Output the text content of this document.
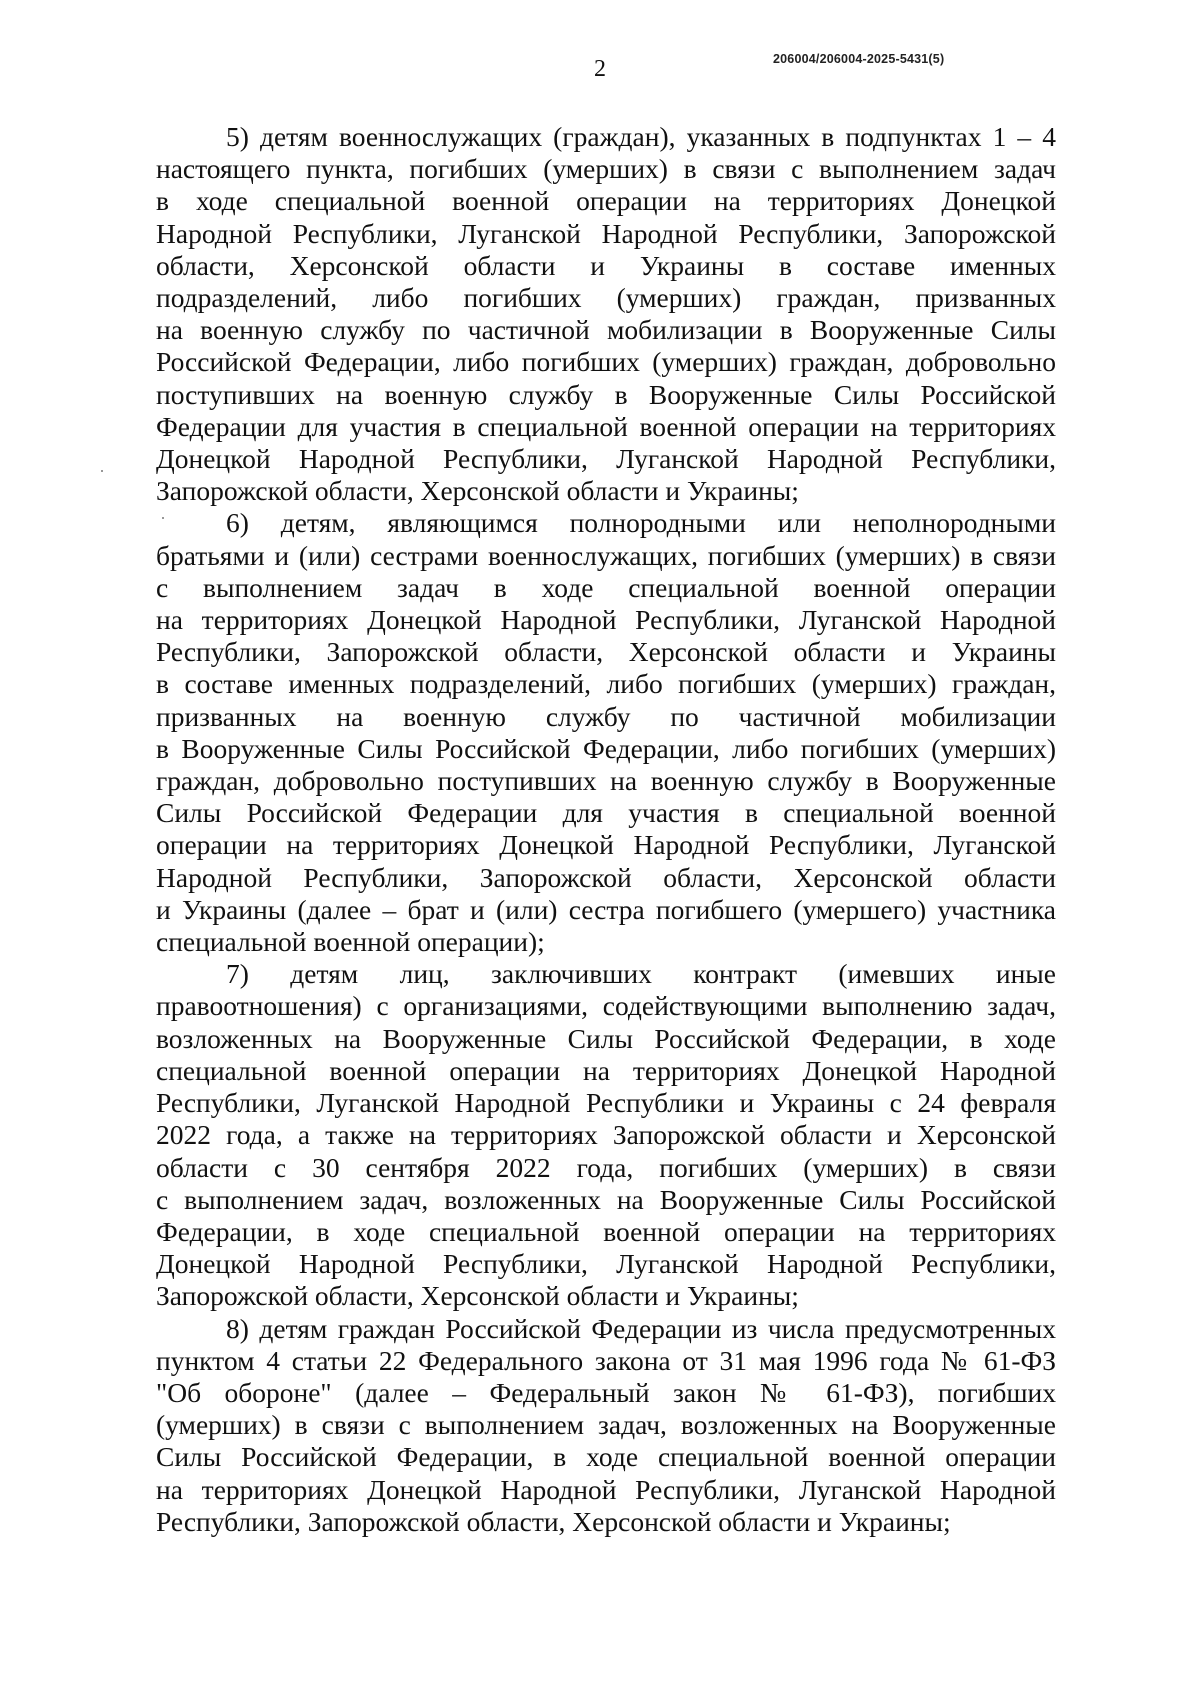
2	206004/206004-2025-5431(5)
5) детям военнослужащих (граждан), указанных в подпунктах 1 – 4
настоящего пункта, погибших (умерших) в связи с выполнением задач
в ходе специальной военной операции на территориях Донецкой
Народной Республики, Луганской Народной Республики, Запорожской
области, Херсонской области и Украины в составе именных
подразделений, либо погибших (умерших) граждан, призванных
на военную службу по частичной мобилизации в Вооруженные Силы
Российской Федерации, либо погибших (умерших) граждан, добровольно
поступивших на военную службу в Вооруженные Силы Российской
Федерации для участия в специальной военной операции на территориях
Донецкой Народной Республики, Луганской Народной Республики,
Запорожской области, Херсонской области и Украины;
6) детям, являющимся полнородными или неполнородными
братьями и (или) сестрами военнослужащих, погибших (умерших) в связи
с выполнением задач в ходе специальной военной операции
на территориях Донецкой Народной Республики, Луганской Народной
Республики, Запорожской области, Херсонской области и Украины
в составе именных подразделений, либо погибших (умерших) граждан,
призванных на военную службу по частичной мобилизации
в Вооруженные Силы Российской Федерации, либо погибших (умерших)
граждан, добровольно поступивших на военную службу в Вооруженные
Силы Российской Федерации для участия в специальной военной
операции на территориях Донецкой Народной Республики, Луганской
Народной Республики, Запорожской области, Херсонской области
и Украины (далее – брат и (или) сестра погибшего (умершего) участника
специальной военной операции);
7) детям лиц, заключивших контракт (имевших иные
правоотношения) с организациями, содействующими выполнению задач,
возложенных на Вооруженные Силы Российской Федерации, в ходе
специальной военной операции на территориях Донецкой Народной
Республики, Луганской Народной Республики и Украины с 24 февраля
2022 года, а также на территориях Запорожской области и Херсонской
области с 30 сентября 2022 года, погибших (умерших) в связи
с выполнением задач, возложенных на Вооруженные Силы Российской
Федерации, в ходе специальной военной операции на территориях
Донецкой Народной Республики, Луганской Народной Республики,
Запорожской области, Херсонской области и Украины;
8) детям граждан Российской Федерации из числа предусмотренных
пунктом 4 статьи 22 Федерального закона от 31 мая 1996 года № 61-ФЗ
"Об обороне" (далее – Федеральный закон № 61-ФЗ), погибших
(умерших) в связи с выполнением задач, возложенных на Вооруженные
Силы Российской Федерации, в ходе специальной военной операции
на территориях Донецкой Народной Республики, Луганской Народной
Республики, Запорожской области, Херсонской области и Украины;
